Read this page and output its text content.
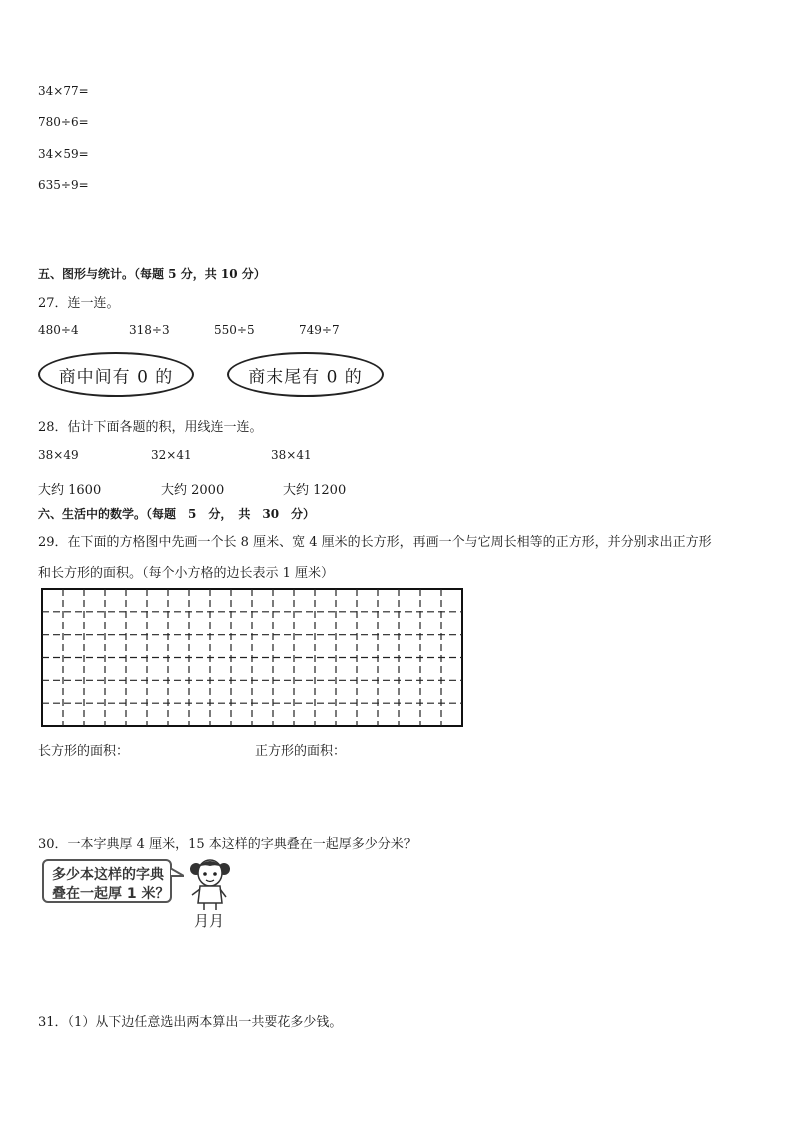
34×77=
780÷6=
34×59=
635÷9=
五、图形与统计。（每题 5 分，共 10 分）
27．连一连。
480÷4	318÷3	550÷5	749÷7
商中间有 0 的	商末尾有 0 的
28．估计下面各题的积，用线连一连。
38×49	32×41	38×41
大约 1600	大约 2000	大约 1200
六、生活中的数学。（每题　5　分，　共　30　分）
29．在下面的方格图中先画一个长 8 厘米、宽 4 厘米的长方形，再画一个与它周长相等的正方形，并分别求出正方形
和长方形的面积。（每个小方格的边长表示 1 厘米）
长方形的面积：	正方形的面积：
30．一本字典厚 4 厘米，15 本这样的字典叠在一起厚多少分米？
多少本这样的字典
叠在一起厚 1 米？
月月
31．（1）从下边任意选出两本算出一共要花多少钱。
